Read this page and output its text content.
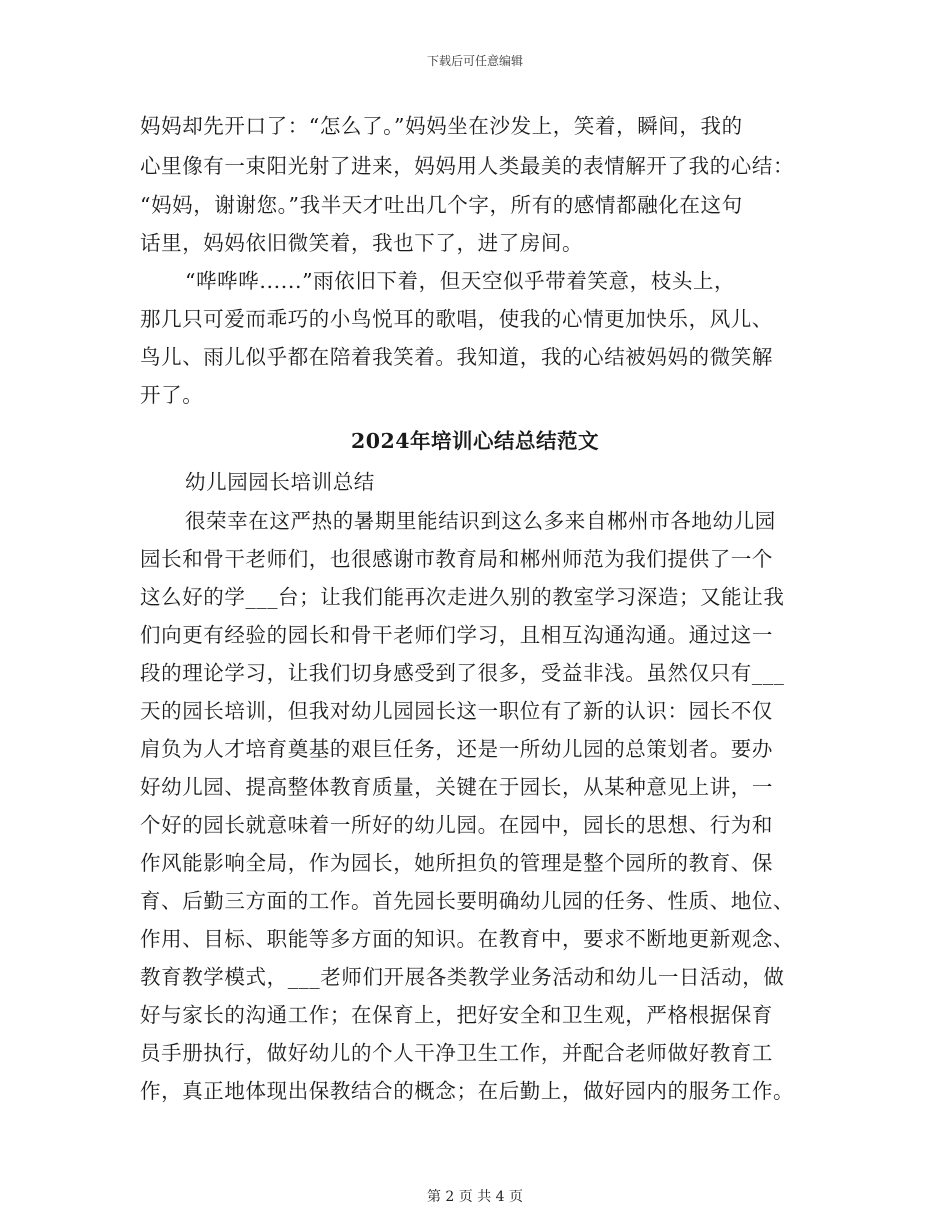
下载后可任意编辑
妈妈却先开口了：“怎么了。”妈妈坐在沙发上，笑着，瞬间，我的
心里像有一束阳光射了进来，妈妈用人类最美的表情解开了我的心结：
“妈妈，谢谢您。”我半天才吐出几个字，所有的感情都融化在这句
话里，妈妈依旧微笑着，我也下了，进了房间。
“哗哗哗......”雨依旧下着，但天空似乎带着笑意，枝头上，
那几只可爱而乖巧的小鸟悦耳的歌唱，使我的心情更加快乐，风儿、
鸟儿、雨儿似乎都在陪着我笑着。我知道，我的心结被妈妈的微笑解
开了。
2024年培训心结总结范文
幼儿园园长培训总结
很荣幸在这严热的暑期里能结识到这么多来自郴州市各地幼儿园
园长和骨干老师们，也很感谢市教育局和郴州师范为我们提供了一个
这么好的学___台；让我们能再次走进久别的教室学习深造；又能让我
们向更有经验的园长和骨干老师们学习，且相互沟通沟通。通过这一
段的理论学习，让我们切身感受到了很多，受益非浅。虽然仅只有___
天的园长培训，但我对幼儿园园长这一职位有了新的认识：园长不仅
肩负为人才培育奠基的艰巨任务，还是一所幼儿园的总策划者。要办
好幼儿园、提高整体教育质量，关键在于园长，从某种意见上讲，一
个好的园长就意味着一所好的幼儿园。在园中，园长的思想、行为和
作风能影响全局，作为园长，她所担负的管理是整个园所的教育、保
育、后勤三方面的工作。首先园长要明确幼儿园的任务、性质、地位、
作用、目标、职能等多方面的知识。在教育中，要求不断地更新观念、
教育教学模式，___老师们开展各类教学业务活动和幼儿一日活动，做
好与家长的沟通工作；在保育上，把好安全和卫生观，严格根据保育
员手册执行，做好幼儿的个人干净卫生工作，并配合老师做好教育工
作，真正地体现出保教结合的概念；在后勤上，做好园内的服务工作。
第 2 页 共 4 页
